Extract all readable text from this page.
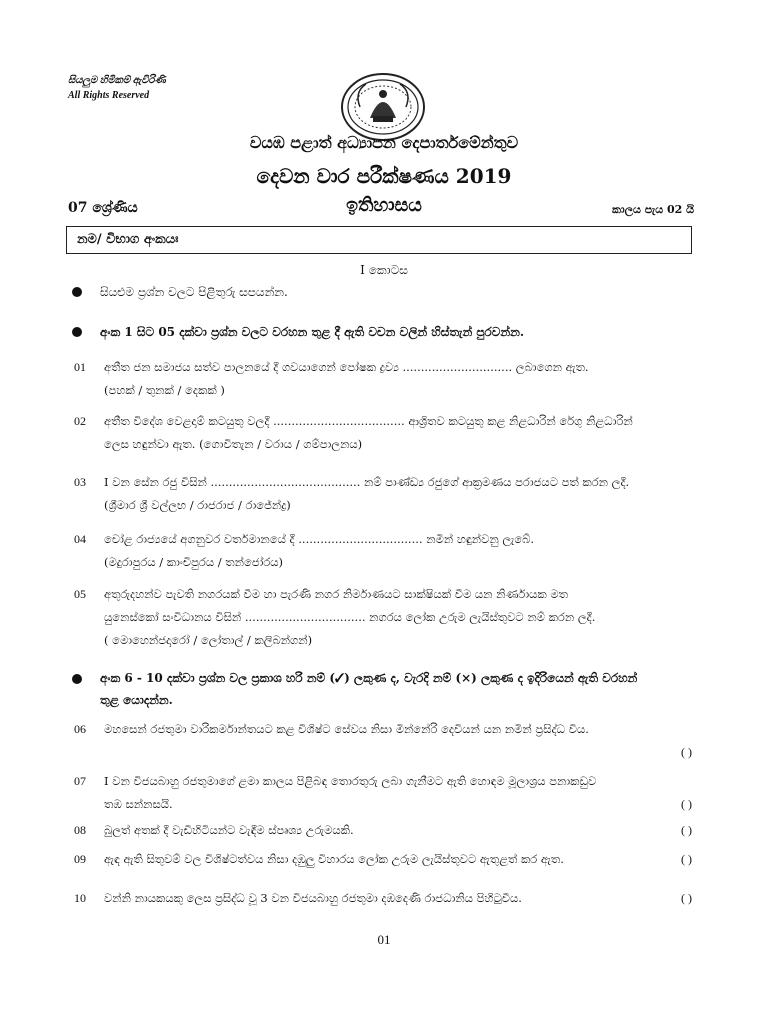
සියලුම හිමිකම් ඇවිරිණි
All Rights Reserved
වයඹ පළාත් අධ්‍යාපන දෙපාර්තමේන්තුව
දෙවන වාර පරීක්ෂණය 2019
07 ශ්‍රේණිය	ඉතිහාසය	කාලය පැය 02 යි
නම/ විභාග අංකයඃ
I කොටස
සියළුම ප්‍රශ්න වලට පිළිතුරු සපයන්න.
අංක 1 සිට 05 දක්වා ප්‍රශ්න වලට වරහන තුළ දී ඇති වචන වලින් හිස්තැන් පුරවන්න.
01 අතීත ජන සමාජය සත්ව පාලනයේ දී ගවයාගෙන් පෝෂක ද්‍රව්‍ය .............................. ලබාගෙන ඇත.
(පහක් / තුනක් / දෙකක් )
02 අතීත විදේශ වෙළදාම් කටයුතු වලදී .................................... ආශ්‍රිතව කටයුතු කළ නිළධාරින් රේගු නිළධාරින්
ලෙස හඳුන්වා ඇත. (ගොවිතැන / වරාය / ගම්පාලනය)
03 I වන සේන රජු විසින් ......................................... නම් පාණ්ඩ්‍ය රජුගේ ආක්‍රමණය පරාජයට පත් කරන ලදී.
(ශ්‍රීමාර ශ්‍රී වල්ලභ / රාජරාජ / රාජේන්ද්‍ර)
04 චෝළ රාජ්‍යයේ අගනුවර වර්තමානයේ දී .................................. නමින් හඳුන්වනු ලැබේ.
(මදුරාපුරය / කාංචිපුරය / තන්ජෝරය)
05 අතුරුදහන්ව පැවති නගරයක් වීම හා පැරණි නගර නිර්මාණයට සාක්ෂියක් වීම යන නිර්ණායක මත
යුනෙස්කෝ සංවිධානය විසින් ................................. නගරය ලෝක උරුම ලැයිස්තුවට නම් කරන ලදී.
( මොහෙන්ජදාරෝ / ලෝතාල් / කලිබන්ගන්)
අංක 6 - 10 දක්වා ප්‍රශ්න වල ප්‍රකාශ හරි නම් (✓) ලකුණ ද, වැරදි නම් (×) ලකුණ ද ඉදිරියෙන් ඇති වරහන්
තුළ යොදන්න.
06 මහසෙන් රජතුමා වාරිකර්මාන්තයට කළ විශිෂ්ට සේවය නිසා මින්නේරි දෙවියන් යන නමින් ප්‍රසිද්ධ විය.
( )
07 I වන විජයබාහු රජතුමාගේ ළමා කාලය පිළිබඳ තොරතුරු ලබා ගැනීමට ඇති හොඳම මූලාශ්‍රය පනාකඩුව
තඹ සන්නසයි.	( )
08 බුලත් අතක් දී වැඩිහිටියන්ට වැඳීම ස්පෘශ්‍ය උරුමයකි.	( )
09 ඇඳ ඇති සිතුවම් වල විශිෂ්ටත්වය නිසා දඹුලු විහාරය ලෝක උරුම ලැයිස්තුවට ඇතුළත් කර ඇත.	( )
10 වන්නි නායකයකු ලෙස ප්‍රසිද්ධ වූ 3 වන විජයබාහු රජතුමා දඹදෙණි රාජධානිය පිහිටුවීය.	( )
01
